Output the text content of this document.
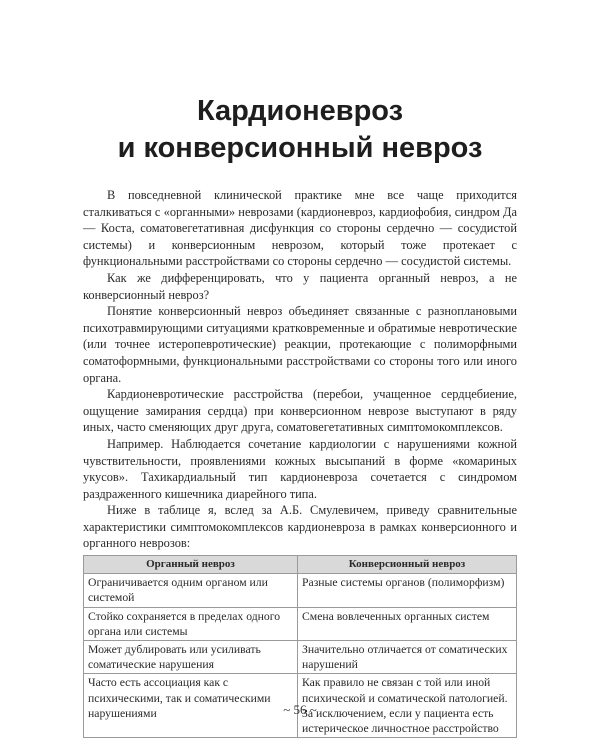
Кардионевроз
и конверсионный невроз

В повседневной клинической практике мне все чаще приходится сталкиваться с «органными» неврозами (кардионевроз, кардиофобия, синдром Да — Коста, соматовегетативная дисфункция со стороны сердечно — сосудистой системы) и конверсионным неврозом, который тоже протекает с функциональными расстройствами со стороны сердечно — сосудистой системы.

Как же дифференцировать, что у пациента органный невроз, а не конверсионный невроз?

Понятие конверсионный невроз объединяет связанные с разноплановыми психотравмирующими ситуациями кратковременные и обратимые невротические (или точнее истеропевротические) реакции, протекающие с полиморфными соматоформными, функциональными расстройствами со стороны того или иного органа.

Кардионевротические расстройства (перебои, учащенное сердцебиение, ощущение замирания сердца) при конверсионном неврозе выступают в ряду иных, часто сменяющих друг друга, соматовегетативных симптомокомплексов.

Например. Наблюдается сочетание кардиологии с нарушениями кожной чувствительности, проявлениями кожных высыпаний в форме «комариных укусов». Тахикардиальный тип кардионевроза сочетается с синдромом раздраженного кишечника диарейного типа.

Ниже в таблице я, вслед за А.Б. Смулевичем, приведу сравнительные характеристики симптомокомплексов кардионевроза в рамках конверсионного и органного неврозов:

Органный невроз	Конверсионный невроз
Ограничивается одним органом или системой	Разные системы органов (полиморфизм)
Стойко сохраняется в пределах одного органа или системы	Смена вовлеченных органных систем
Может дублировать или усиливать соматические нарушения	Значительно отличается от соматических нарушений
Часто есть ассоциация как с психическими, так и соматическими нарушениями	Как правило не связан с той или иной психической и соматической патологией. За исключением, если у пациента есть истерическое личностное расстройство
~ 56 ~
